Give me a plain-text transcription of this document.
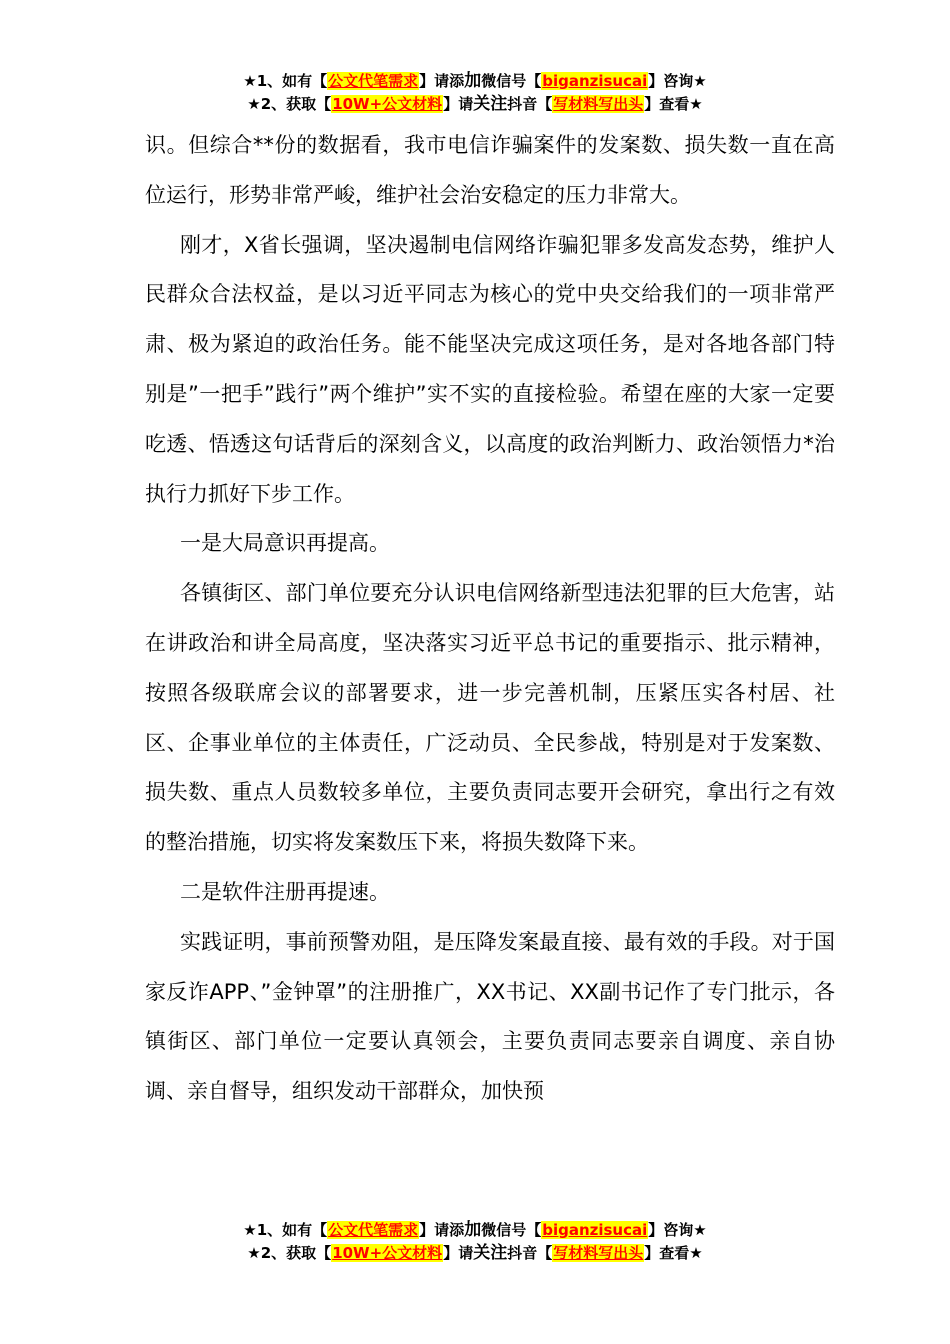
★1、如有【公文代笔需求】请添加微信号【biganzisucai】咨询★
★2、获取【10W+公文材料】请关注抖音【写材料写出头】查看★

识。但综合**份的数据看，我市电信诈骗案件的发案数、损失数一直在高位运行，形势非常严峻，维护社会治安稳定的压力非常大。

刚才，X省长强调，坚决遏制电信网络诈骗犯罪多发高发态势，维护人民群众合法权益，是以习近平同志为核心的党中央交给我们的一项非常严肃、极为紧迫的政治任务。能不能坚决完成这项任务，是对各地各部门特别是”一把手”践行”两个维护”实不实的直接检验。希望在座的大家一定要吃透、悟透这句话背后的深刻含义，以高度的政治判断力、政治领悟力*治执行力抓好下步工作。

一是大局意识再提高。

各镇街区、部门单位要充分认识电信网络新型违法犯罪的巨大危害，站在讲政治和讲全局高度，坚决落实习近平总书记的重要指示、批示精神，按照各级联席会议的部署要求，进一步完善机制，压紧压实各村居、社区、企事业单位的主体责任，广泛动员、全民参战，特别是对于发案数、损失数、重点人员数较多单位，主要负责同志要开会研究，拿出行之有效的整治措施，切实将发案数压下来，将损失数降下来。

二是软件注册再提速。

实践证明，事前预警劝阻，是压降发案最直接、最有效的手段。对于国家反诈APP、”金钟罩”的注册推广，XX书记、XX副书记作了专门批示，各镇街区、部门单位一定要认真领会，主要负责同志要亲自调度、亲自协调、亲自督导，组织发动干部群众，加快预

★1、如有【公文代笔需求】请添加微信号【biganzisucai】咨询★
★2、获取【10W+公文材料】请关注抖音【写材料写出头】查看★
